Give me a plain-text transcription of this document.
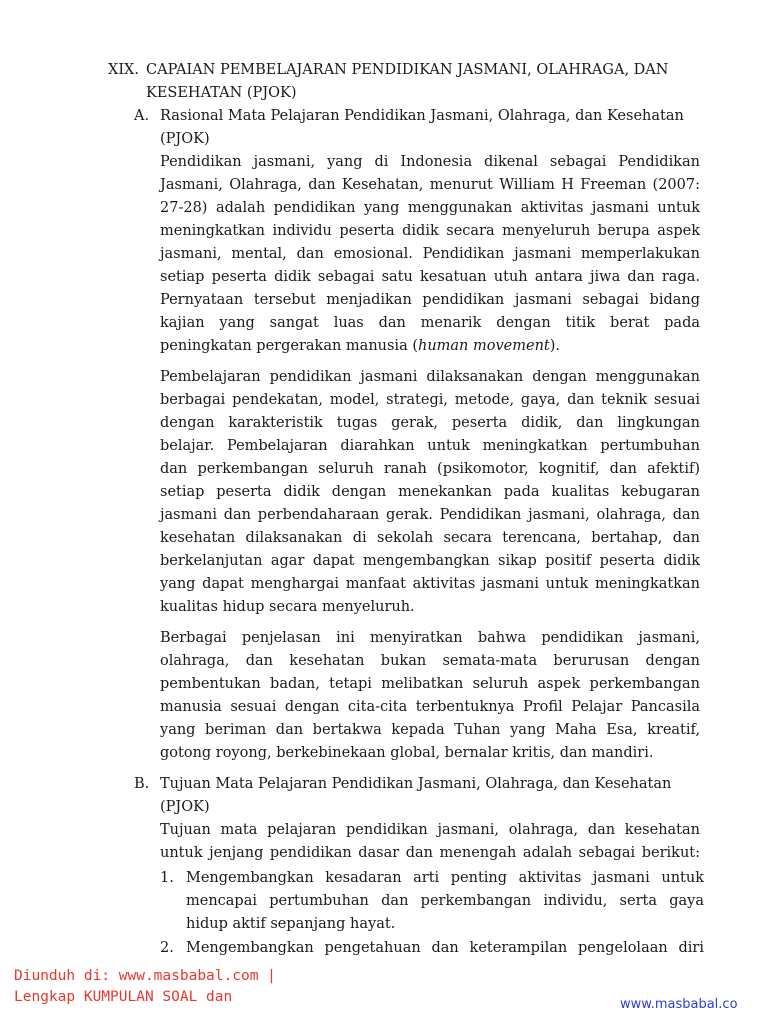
XIX. CAPAIAN PEMBELAJARAN PENDIDIKAN JASMANI, OLAHRAGA, DAN
KESEHATAN (PJOK)
A. Rasional Mata Pelajaran Pendidikan Jasmani, Olahraga, dan Kesehatan
(PJOK)
Pendidikan jasmani, yang di Indonesia dikenal sebagai Pendidikan
Jasmani, Olahraga, dan Kesehatan, menurut William H Freeman (2007:
27-28) adalah pendidikan yang menggunakan aktivitas jasmani untuk
meningkatkan individu peserta didik secara menyeluruh berupa aspek
jasmani, mental, dan emosional. Pendidikan jasmani memperlakukan
setiap peserta didik sebagai satu kesatuan utuh antara jiwa dan raga.
Pernyataan tersebut menjadikan pendidikan jasmani sebagai bidang
kajian yang sangat luas dan menarik dengan titik berat pada
peningkatan pergerakan manusia (human movement).
Pembelajaran pendidikan jasmani dilaksanakan dengan menggunakan
berbagai pendekatan, model, strategi, metode, gaya, dan teknik sesuai
dengan karakteristik tugas gerak, peserta didik, dan lingkungan
belajar. Pembelajaran diarahkan untuk meningkatkan pertumbuhan
dan perkembangan seluruh ranah (psikomotor, kognitif, dan afektif)
setiap peserta didik dengan menekankan pada kualitas kebugaran
jasmani dan perbendaharaan gerak. Pendidikan jasmani, olahraga, dan
kesehatan dilaksanakan di sekolah secara terencana, bertahap, dan
berkelanjutan agar dapat mengembangkan sikap positif peserta didik
yang dapat menghargai manfaat aktivitas jasmani untuk meningkatkan
kualitas hidup secara menyeluruh.
Berbagai penjelasan ini menyiratkan bahwa pendidikan jasmani,
olahraga, dan kesehatan bukan semata-mata berurusan dengan
pembentukan badan, tetapi melibatkan seluruh aspek perkembangan
manusia sesuai dengan cita-cita terbentuknya Profil Pelajar Pancasila
yang beriman dan bertakwa kepada Tuhan yang Maha Esa, kreatif,
gotong royong, berkebinekaan global, bernalar kritis, dan mandiri.
B. Tujuan Mata Pelajaran Pendidikan Jasmani, Olahraga, dan Kesehatan
(PJOK)
Tujuan mata pelajaran pendidikan jasmani, olahraga, dan kesehatan
untuk jenjang pendidikan dasar dan menengah adalah sebagai berikut:
1. Mengembangkan kesadaran arti penting aktivitas jasmani untuk
mencapai pertumbuhan dan perkembangan individu, serta gaya
hidup aktif sepanjang hayat.
2. Mengembangkan pengetahuan dan keterampilan pengelolaan diri
Diunduh di: www.masbabal.com |
Lengkap KUMPULAN SOAL dan	www.masbabal.co
